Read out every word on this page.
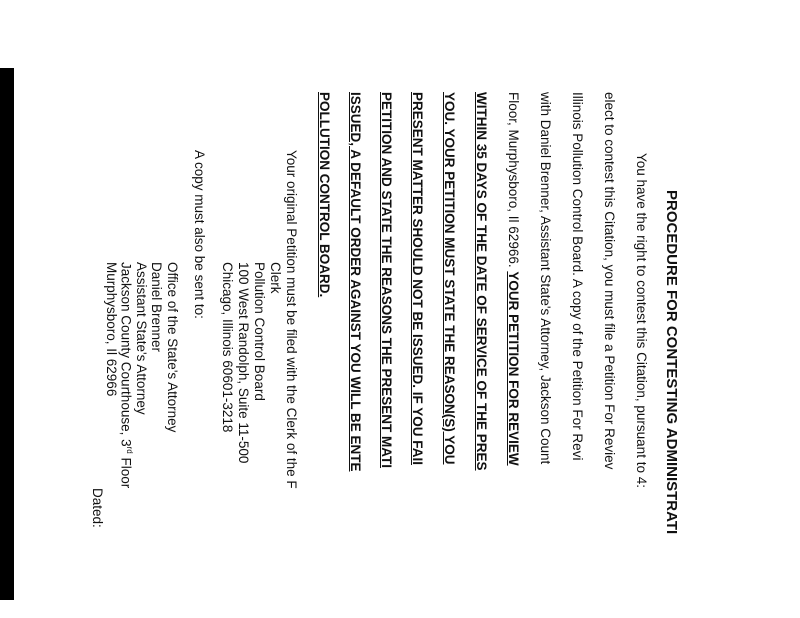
PROCEDURE FOR CONTESTING ADMINISTRATI
You have the right to contest this Citation, pursuant to 4:
elect to contest this Citation, you must file a Petition For Reviev
Illinois Pollution Control Board. A copy of the Petition For Revi
with Daniel Brenner, Assistant State's Attorney, Jackson Count
Floor, Murphysboro, Il 62966. YOUR PETITION FOR REVIEW
WITHIN 35 DAYS OF THE DATE OF SERVICE OF THE PRES
YOU. YOUR PETITION MUST STATE THE REASON(S) YOU
PRESENT MATTER SHOULD NOT BE ISSUED. IF YOU FAII
PETITION AND STATE THE REASONS THE PRESENT MATI
ISSUED, A DEFAULT ORDER AGAINST YOU WILL BE ENTE
POLLUTION CONTROL BOARD.
Your original Petition must be filed with the Clerk of the F
Clerk
Pollution Control Board
100 West Randolph, Suite 11-500
Chicago, Illinois 60601-3218
A copy must also be sent to:
Office of the State's Attorney
Daniel Brenner
Assistant State's Attorney
Jackson County Courthouse, 3rd Floor
Murphysboro, Il 62966
Dated:
